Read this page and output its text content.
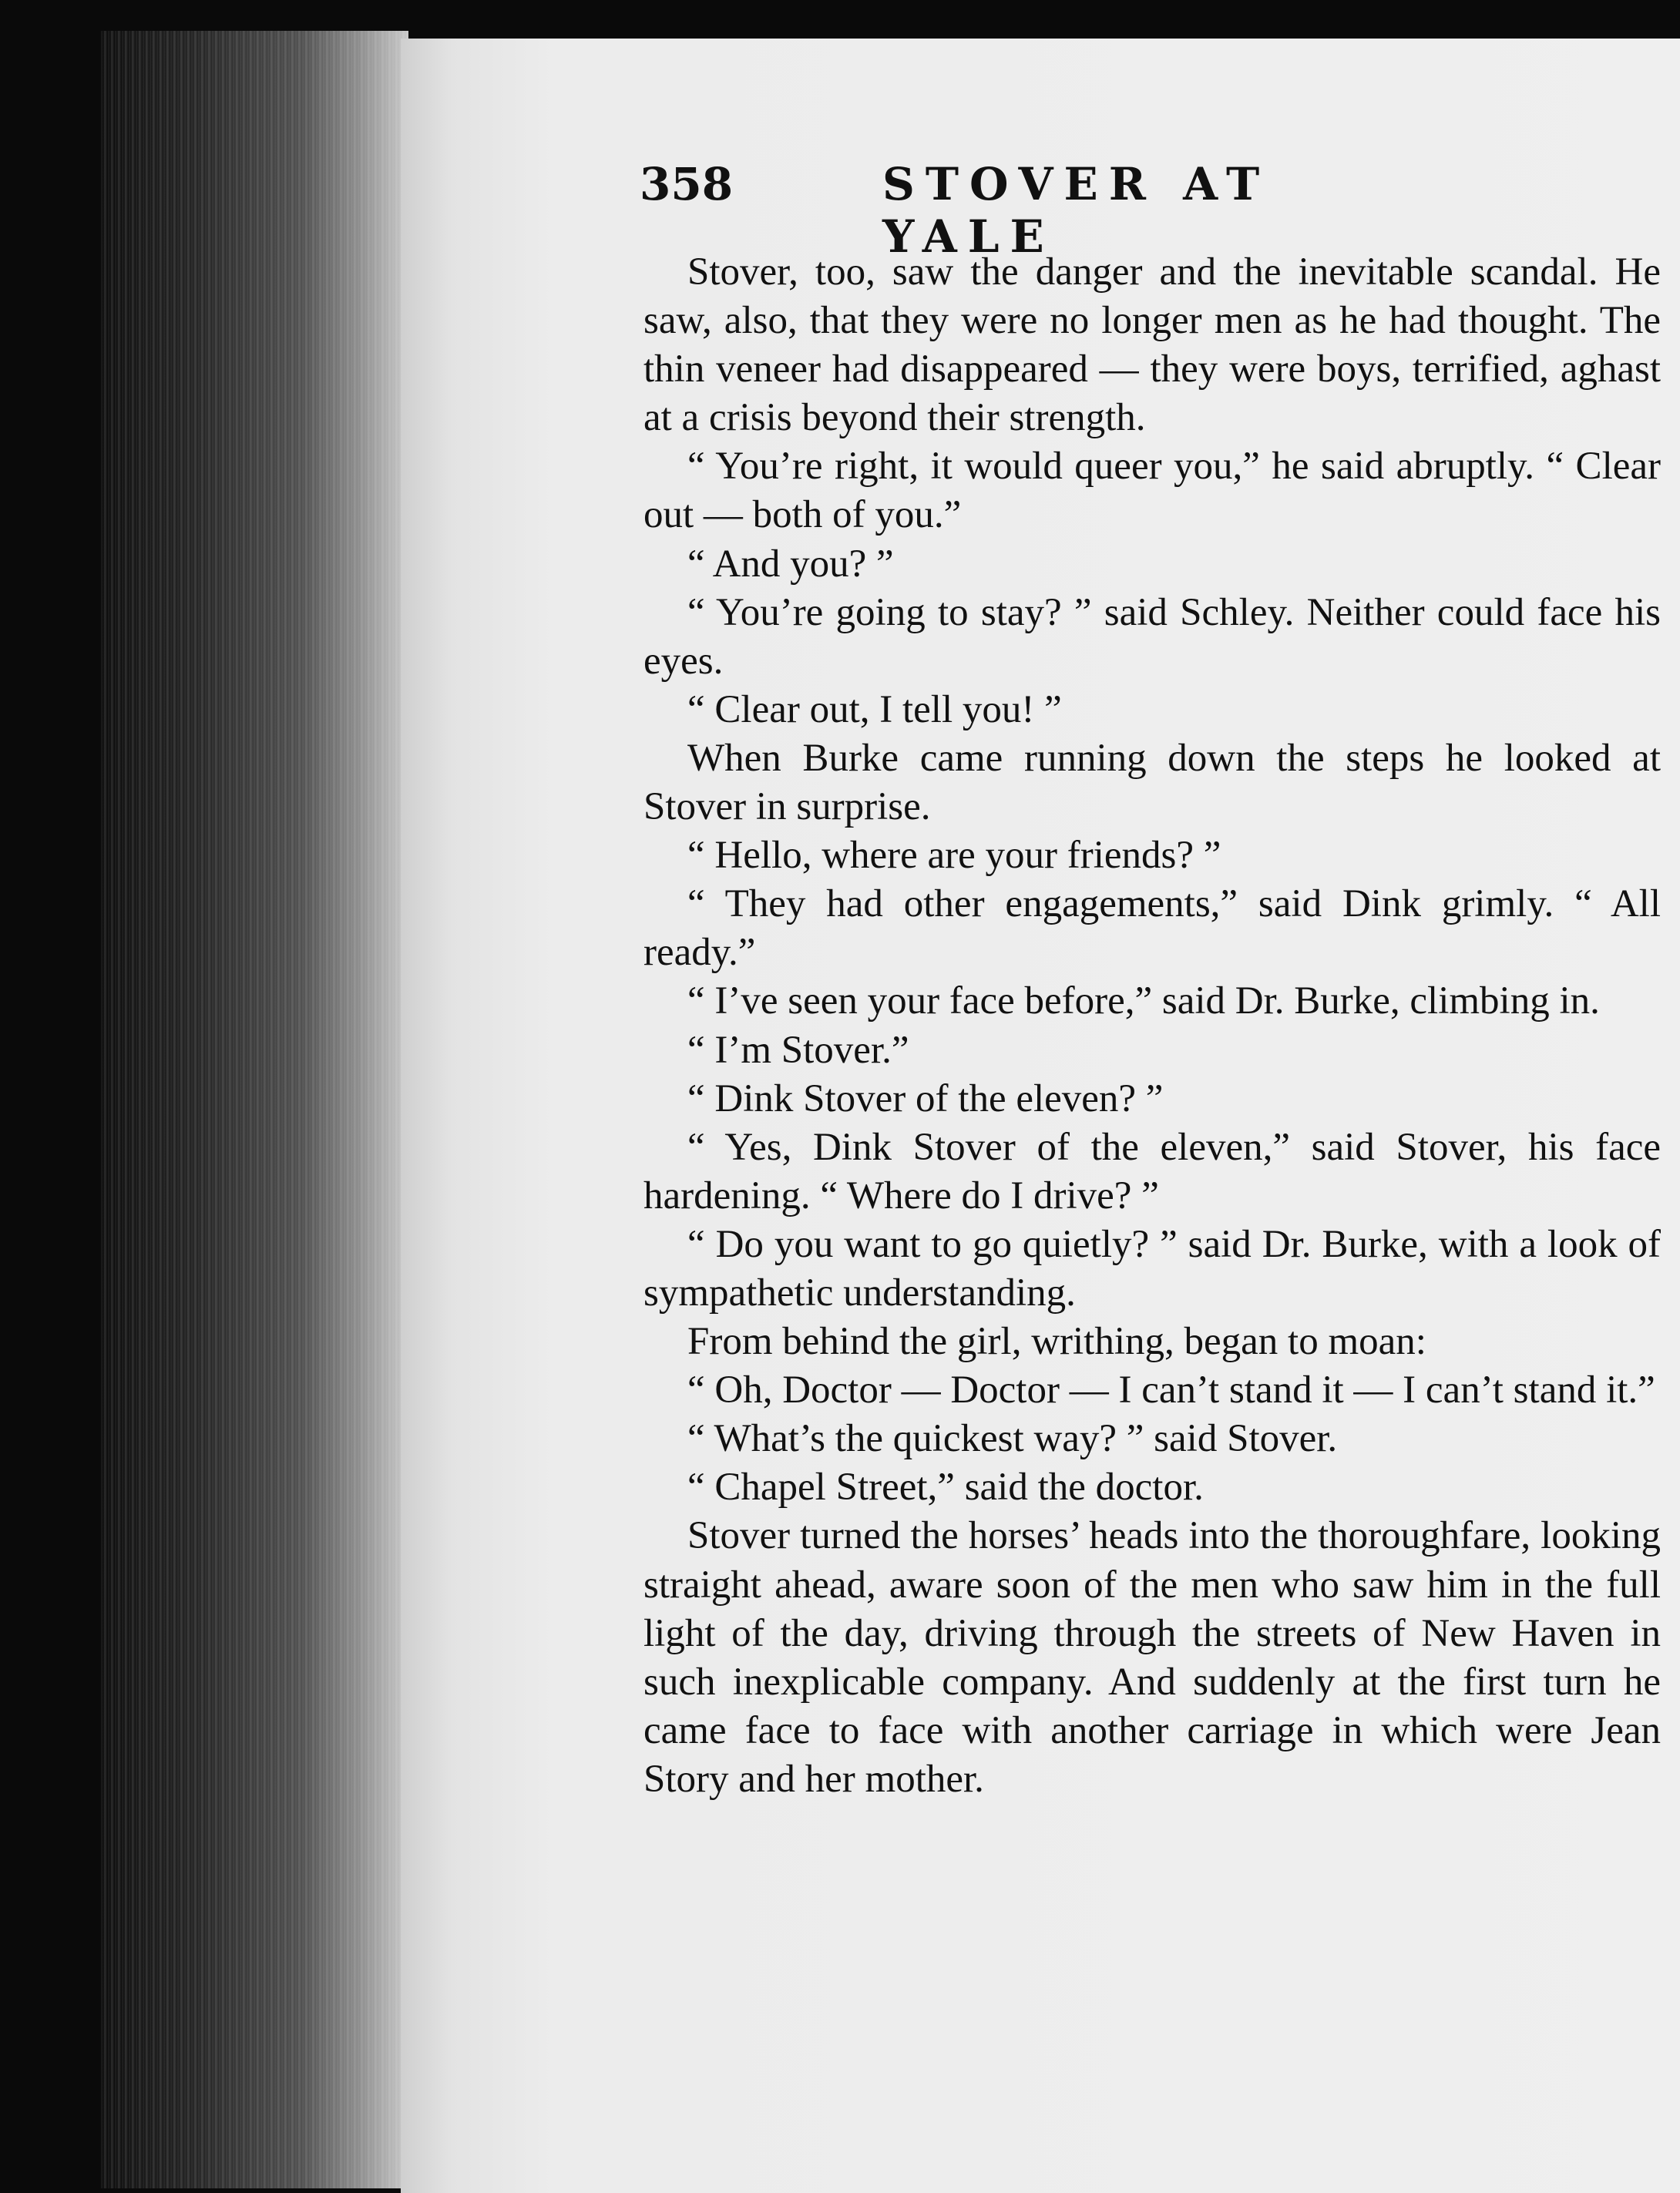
358	STOVER AT YALE

Stover, too, saw the danger and the inevitable scandal. He saw, also, that they were no longer men as he had thought. The thin veneer had disappeared — they were boys, terrified, aghast at a crisis beyond their strength.

“ You’re right, it would queer you,” he said abruptly. “ Clear out — both of you.”

“ And you? ”

“ You’re going to stay? ” said Schley. Neither could face his eyes.

“ Clear out, I tell you! ”

When Burke came running down the steps he looked at Stover in surprise.

“ Hello, where are your friends? ”

“ They had other engagements,” said Dink grimly. “ All ready.”

“ I’ve seen your face before,” said Dr. Burke, climbing in.

“ I’m Stover.”

“ Dink Stover of the eleven? ”

“ Yes, Dink Stover of the eleven,” said Stover, his face hardening. “ Where do I drive? ”

“ Do you want to go quietly? ” said Dr. Burke, with a look of sympathetic understanding.

From behind the girl, writhing, began to moan:

“ Oh, Doctor — Doctor — I can’t stand it — I can’t stand it.”

“ What’s the quickest way? ” said Stover.

“ Chapel Street,” said the doctor.

Stover turned the horses’ heads into the thoroughfare, looking straight ahead, aware soon of the men who saw him in the full light of the day, driving through the streets of New Haven in such inexplicable company. And suddenly at the first turn he came face to face with another carriage in which were Jean Story and her mother.
